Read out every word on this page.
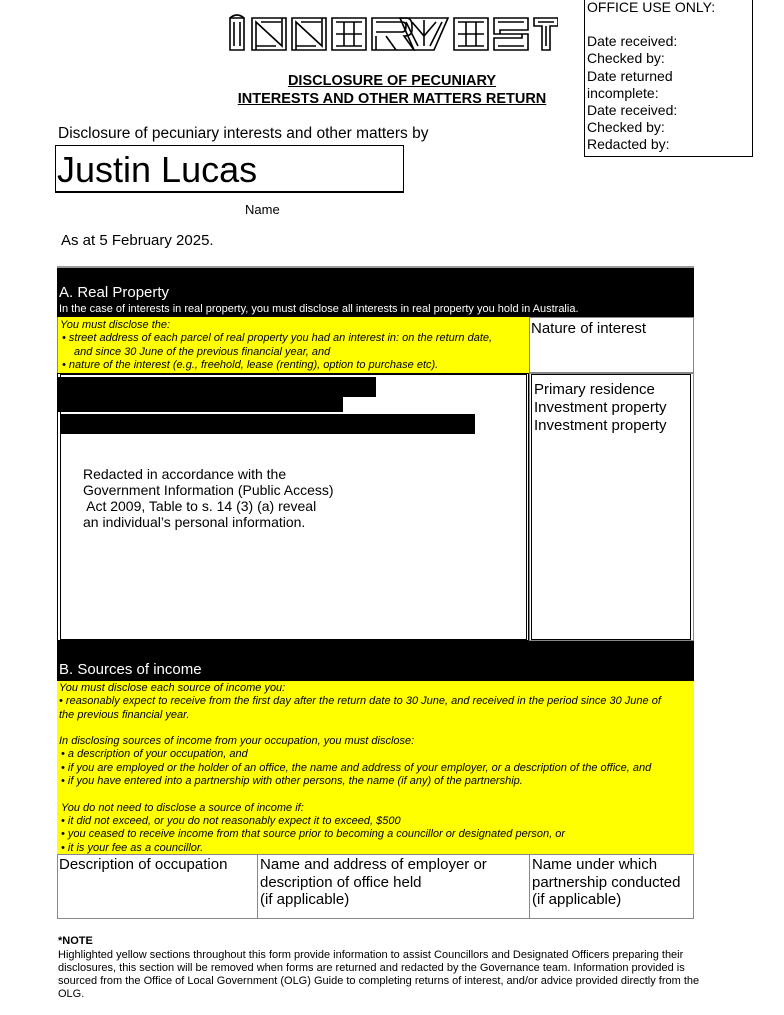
OFFICE USE ONLY:
Date received:
Checked by:
Date returned
incomplete:
Date received:
Checked by:
Redacted by:
DISCLOSURE OF PECUNIARY
INTERESTS AND OTHER MATTERS RETURN
Disclosure of pecuniary interests and other matters by
Justin Lucas
Name
As at 5 February 2025.
A. Real Property
In the case of interests in real property, you must disclose all interests in real property you hold in Australia.
You must disclose the:
• street address of each parcel of real property you had an interest in: on the return date,
and since 30 June of the previous financial year, and
• nature of the interest (e.g., freehold, lease (renting), option to purchase etc).
Nature of interest
Redacted in accordance with the
Government Information (Public Access)
Act 2009, Table to s. 14 (3) (a) reveal
an individual’s personal information.
Primary residence
Investment property
Investment property
B. Sources of income
You must disclose each source of income you:
• reasonably expect to receive from the first day after the return date to 30 June, and received in the period since 30 June of
the previous financial year.
In disclosing sources of income from your occupation, you must disclose:
• a description of your occupation, and
• if you are employed or the holder of an office, the name and address of your employer, or a description of the office, and
• if you have entered into a partnership with other persons, the name (if any) of the partnership.
You do not need to disclose a source of income if:
• it did not exceed, or you do not reasonably expect it to exceed, $500
• you ceased to receive income from that source prior to becoming a councillor or designated person, or
• it is your fee as a councillor.
Description of occupation	Name and address of employer or
description of office held
(if applicable)
Name under which
partnership conducted
(if applicable)
*NOTE
Highlighted yellow sections throughout this form provide information to assist Councillors and Designated Officers preparing their disclosures, this section will be removed when forms are returned and redacted by the Governance team. Information provided is sourced from the Office of Local Government (OLG) Guide to completing returns of interest, and/or advice provided directly from the OLG.
